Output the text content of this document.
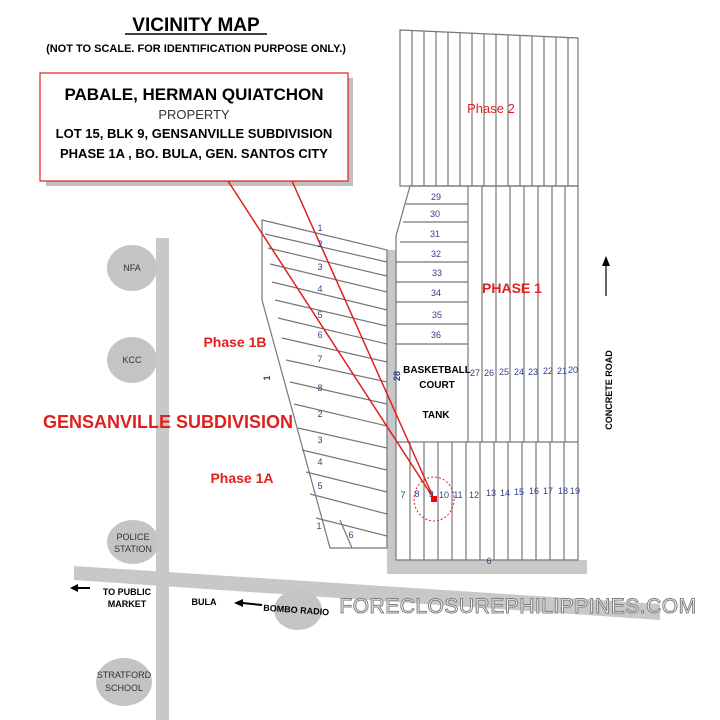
VICINITY MAP
(NOT TO SCALE. FOR IDENTIFICATION PURPOSE ONLY.)
PABALE, HERMAN QUIATCHON
PROPERTY
LOT 15, BLK 9, GENSANVILLE SUBDIVISION
PHASE 1A , BO. BULA, GEN. SANTOS CITY
Phase 2
PHASE 1
Phase 1B
Phase 1A
GENSANVILLE SUBDIVISION
1
2
3
4
5
6
7
8
2
3
4
5
1
6
1
29
30
31
32
33
34
35
36
28	27 26 25 24 23 22 21 20
7 8 9 10 11 12 13 14 15 16 17 18 19
6
BASKETBALL
COURT
TANK
NFA
KCC
POLICE
STATION
STRATFORD
SCHOOL
BOMBO RADIO
CONCRETE ROAD
TO PUBLIC
MARKET	BULA	FORECLOSUREPHILIPPINES.COM
